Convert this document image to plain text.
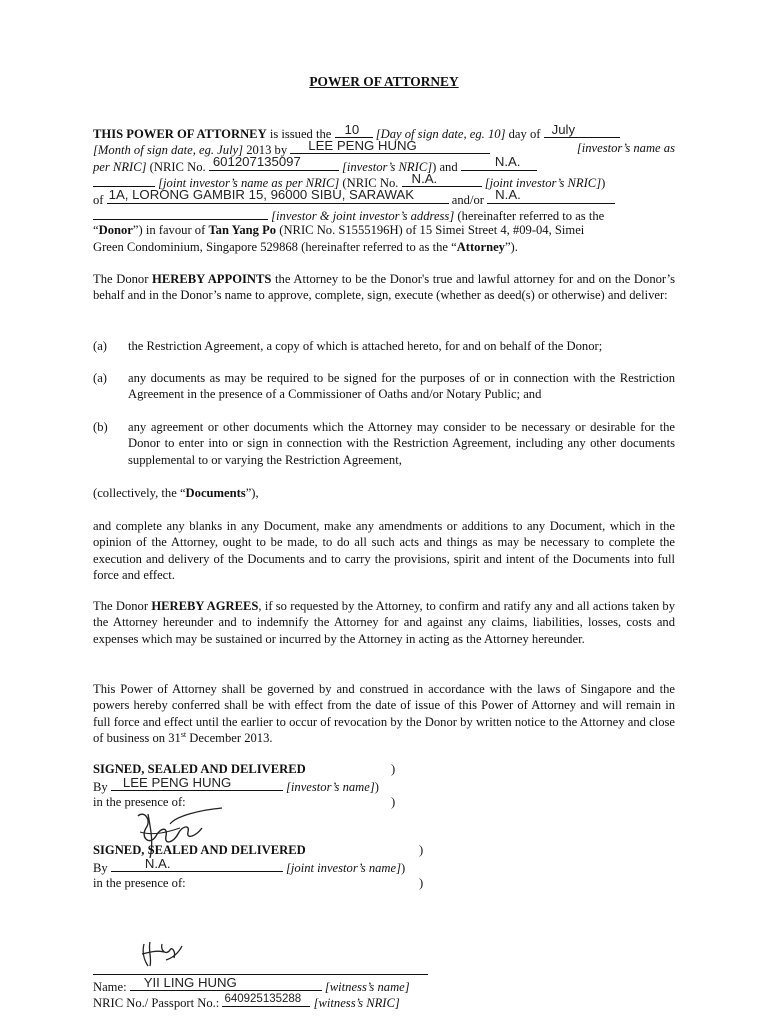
POWER OF ATTORNEY
THIS POWER OF ATTORNEY is issued the 10 [Day of sign date, eg. 10] day of July
[Month of sign date, eg. July] 2013 by LEE PENG HUNG	[investor’s name as
per NRIC] (NRIC No. 601207135097	[investor’s NRIC]) and	N.A.
[joint investor’s name as per NRIC] (NRIC No. N.A.	[joint investor’s NRIC])
of 1A, LORONG GAMBIR 15, 96000 SIBU, SARAWAK	and/or N.A.
[investor & joint investor’s address] (hereinafter referred to as the
“Donor”) in favour of Tan Yang Po (NRIC No. S1555196H) of 15 Simei Street 4, #09-04, Simei
Green Condominium, Singapore 529868 (hereinafter referred to as the “Attorney”).
The Donor HEREBY APPOINTS the Attorney to be the Donor's true and lawful attorney for and on the Donor’s behalf and in the Donor’s name to approve, complete, sign, execute (whether as deed(s) or otherwise) and deliver:
(a) the Restriction Agreement, a copy of which is attached hereto, for and on behalf of the Donor;
(a) any documents as may be required to be signed for the purposes of or in connection with the Restriction Agreement in the presence of a Commissioner of Oaths and/or Notary Public; and
(b) any agreement or other documents which the Attorney may consider to be necessary or desirable for the Donor to enter into or sign in connection with the Restriction Agreement, including any other documents supplemental to or varying the Restriction Agreement,
(collectively, the “Documents”),
and complete any blanks in any Document, make any amendments or additions to any Document, which in the opinion of the Attorney, ought to be made, to do all such acts and things as may be necessary to complete the execution and delivery of the Documents and to carry the provisions, spirit and intent of the Documents into full force and effect.
The Donor HEREBY AGREES, if so requested by the Attorney, to confirm and ratify any and all actions taken by the Attorney hereunder and to indemnify the Attorney for and against any claims, liabilities, losses, costs and expenses which may be sustained or incurred by the Attorney in acting as the Attorney hereunder.
This Power of Attorney shall be governed by and construed in accordance with the laws of Singapore and the powers hereby conferred shall be with effect from the date of issue of this Power of Attorney and will remain in full force and effect until the earlier to occur of revocation by the Donor by written notice to the Attorney and close of business on 31st December 2013.
SIGNED, SEALED AND DELIVERED	)
By LEE PENG HUNG	[investor’s name])
in the presence of:	)
SIGNED, SEALED AND DELIVERED	)
By	N.A.	[joint investor’s name])
in the presence of:	)
Name: YII LING HUNG	[witness’s name]
NRIC No./ Passport No.: 640925135288 [witness’s NRIC]
